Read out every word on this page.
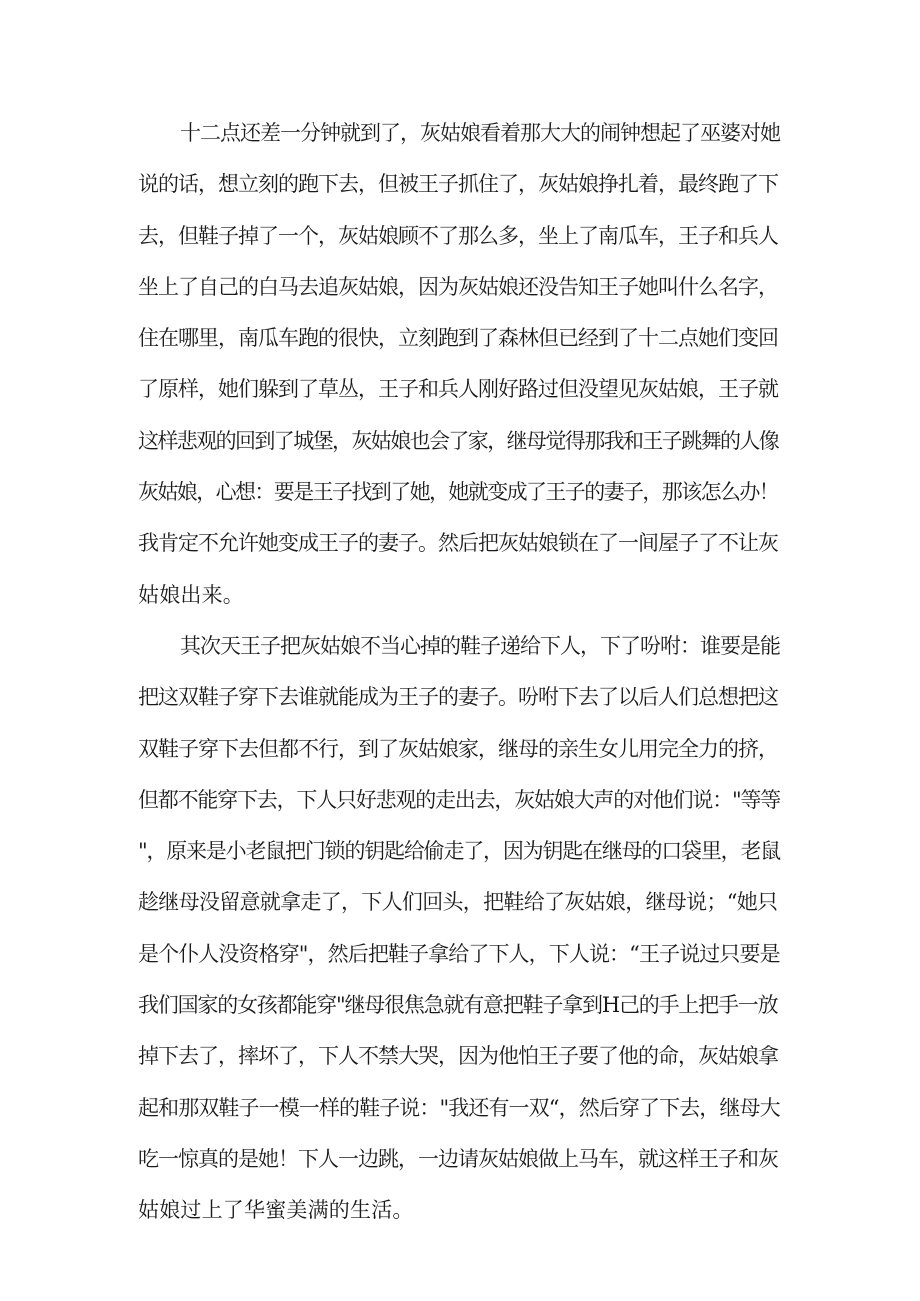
十二点还差一分钟就到了，灰姑娘看着那大大的闹钟想起了巫婆对她
说的话，想立刻的跑下去，但被王子抓住了，灰姑娘挣扎着，最终跑了下
去，但鞋子掉了一个，灰姑娘顾不了那么多，坐上了南瓜车，王子和兵人
坐上了自己的白马去追灰姑娘，因为灰姑娘还没告知王子她叫什么名字，
住在哪里，南瓜车跑的很快，立刻跑到了森林但已经到了十二点她们变回
了原样，她们躲到了草丛，王子和兵人刚好路过但没望见灰姑娘，王子就
这样悲观的回到了城堡，灰姑娘也会了家，继母觉得那我和王子跳舞的人像
灰姑娘，心想：要是王子找到了她，她就变成了王子的妻子，那该怎么办！
我肯定不允许她变成王子的妻子。然后把灰姑娘锁在了一间屋子了不让灰
姑娘出来。
其次天王子把灰姑娘不当心掉的鞋子递给下人，下了吩咐：谁要是能
把这双鞋子穿下去谁就能成为王子的妻子。吩咐下去了以后人们总想把这
双鞋子穿下去但都不行，到了灰姑娘家，继母的亲生女儿用完全力的挤，
但都不能穿下去，下人只好悲观的走出去，灰姑娘大声的对他们说："等等
"，原来是小老鼠把门锁的钥匙给偷走了，因为钥匙在继母的口袋里，老鼠
趁继母没留意就拿走了，下人们回头，把鞋给了灰姑娘，继母说；“她只
是个仆人没资格穿"，然后把鞋子拿给了下人，下人说：“王子说过只要是
我们国家的女孩都能穿"继母很焦急就有意把鞋子拿到H己的手上把手一放
掉下去了，摔坏了，下人不禁大哭，因为他怕王子要了他的命，灰姑娘拿
起和那双鞋子一模一样的鞋子说："我还有一双“，然后穿了下去，继母大
吃一惊真的是她！下人一边跳，一边请灰姑娘做上马车，就这样王子和灰
姑娘过上了华蜜美满的生活。
